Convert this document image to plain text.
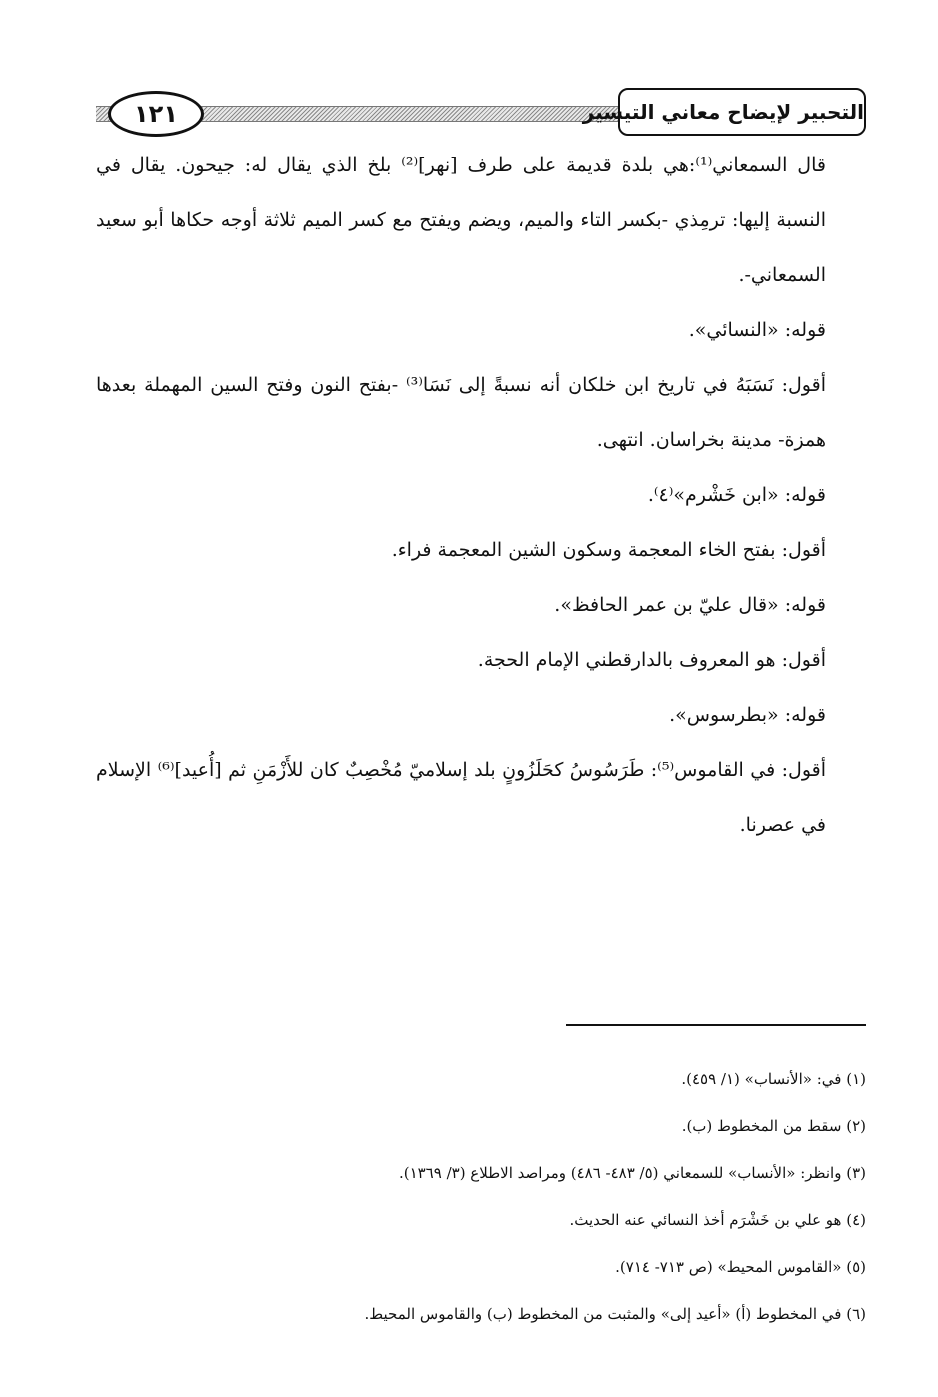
١٢١	التحبير لإيضاح معاني التيسير

قال السمعاني⁽¹⁾:هي بلدة قديمة على طرف [نهر]⁽²⁾ بلخ الذي يقال له: جيحون. يقال في النسبة إليها: ترمِذي -بكسر التاء والميم، ويضم ويفتح مع كسر الميم ثلاثة أوجه حكاها أبو سعيد السمعاني-.

قوله: «النسائي».

أقول: نَسَبَهُ في تاريخ ابن خلكان أنه نسبةً إلى نَسَا⁽³⁾ -بفتح النون وفتح السين المهملة بعدها همزة- مدينة بخراسان. انتهى.

قوله: «ابن خَشْرم»⁽٤⁾.

أقول: بفتح الخاء المعجمة وسكون الشين المعجمة فراء.

قوله: «قال عليّ بن عمر الحافظ».

أقول: هو المعروف بالدارقطني الإمام الحجة.

قوله: «بطرسوس».

أقول: في القاموس⁽⁵⁾: طَرَسُوسُ كحَلَزُونٍ بلد إسلاميّ مُخْصِبٌ كان للأَزْمَنِ ثم [أُعيد]⁽⁶⁾ الإسلام في عصرنا.

(١) في: «الأنساب» (١/ ٤٥٩).

(٢) سقط من المخطوط (ب).

(٣) وانظر: «الأنساب» للسمعاني (٥/ ٤٨٣- ٤٨٦) ومراصد الاطلاع (٣/ ١٣٦٩).

(٤) هو علي بن خَشْرَم أخذ النسائي عنه الحديث.

(٥) «القاموس المحيط» (ص ٧١٣- ٧١٤).

(٦) في المخطوط (أ) «أعيد إلى» والمثبت من المخطوط (ب) والقاموس المحيط.
